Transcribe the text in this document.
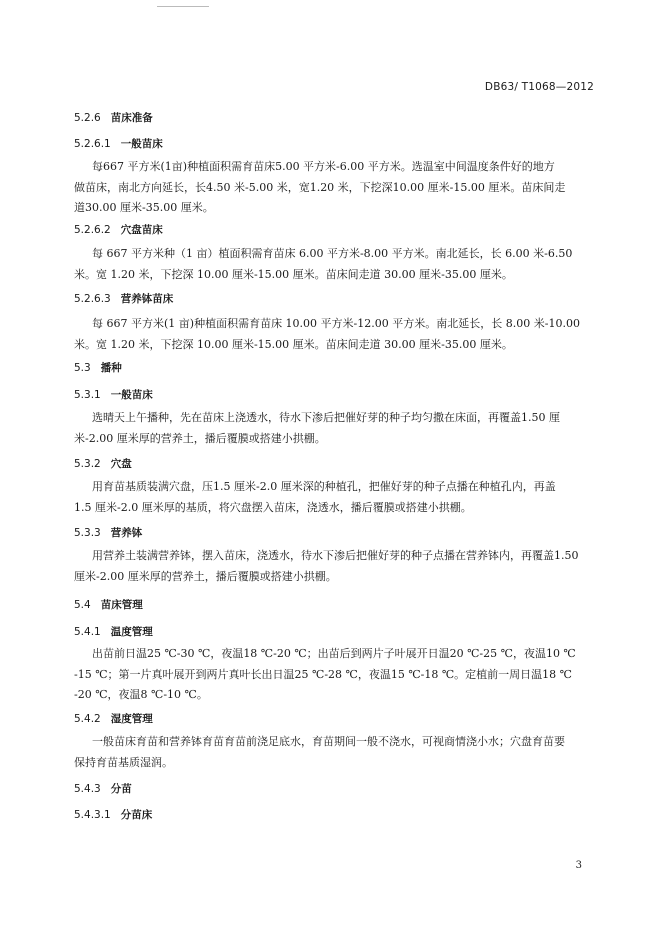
DB63/ T1068—2012
5.2.6 苗床准备
5.2.6.1 一般苗床

每667 平方米(1亩)种植面积需育苗床5.00 平方米-6.00 平方米。选温室中间温度条件好的地方

做苗床，南北方向延长，长4.50 米-5.00 米，宽1.20 米，下挖深10.00 厘米-15.00 厘米。苗床间走

道30.00 厘米-35.00 厘米。

5.2.6.2 穴盘苗床

每 667 平方米种（1 亩）植面积需育苗床 6.00 平方米-8.00 平方米。南北延长，长 6.00 米-6.50

米。宽 1.20 米，下挖深 10.00 厘米-15.00 厘米。苗床间走道 30.00 厘米-35.00 厘米。

5.2.6.3 营养钵苗床

每 667 平方米(1 亩)种植面积需育苗床 10.00 平方米-12.00 平方米。南北延长，长 8.00 米-10.00

米。宽 1.20 米，下挖深 10.00 厘米-15.00 厘米。苗床间走道 30.00 厘米-35.00 厘米。

5.3 播种
5.3.1 一般苗床

选晴天上午播种，先在苗床上浇透水，待水下渗后把催好芽的种子均匀撒在床面，再覆盖1.50 厘

米-2.00 厘米厚的营养土，播后覆膜或搭建小拱棚。

5.3.2 穴盘

用育苗基质装满穴盘，压1.5 厘米-2.0 厘米深的种植孔，把催好芽的种子点播在种植孔内，再盖

1.5 厘米-2.0 厘米厚的基质，将穴盘摆入苗床，浇透水，播后覆膜或搭建小拱棚。

5.3.3 营养钵

用营养土装满营养钵，摆入苗床，浇透水，待水下渗后把催好芽的种子点播在营养钵内，再覆盖1.50

厘米-2.00 厘米厚的营养土，播后覆膜或搭建小拱棚。

5.4 苗床管理
5.4.1 温度管理

出苗前日温25 ℃-30 ℃，夜温18 ℃-20 ℃；出苗后到两片子叶展开日温20 ℃-25 ℃，夜温10 ℃

-15 ℃；第一片真叶展开到两片真叶长出日温25 ℃-28 ℃，夜温15 ℃-18 ℃。定植前一周日温18 ℃

-20 ℃，夜温8 ℃-10 ℃。

5.4.2 湿度管理

一般苗床育苗和营养钵育苗育苗前浇足底水，育苗期间一般不浇水，可视商情浇小水；穴盘育苗要

保持育苗基质湿润。

5.4.3 分苗
5.4.3.1 分苗床
3
